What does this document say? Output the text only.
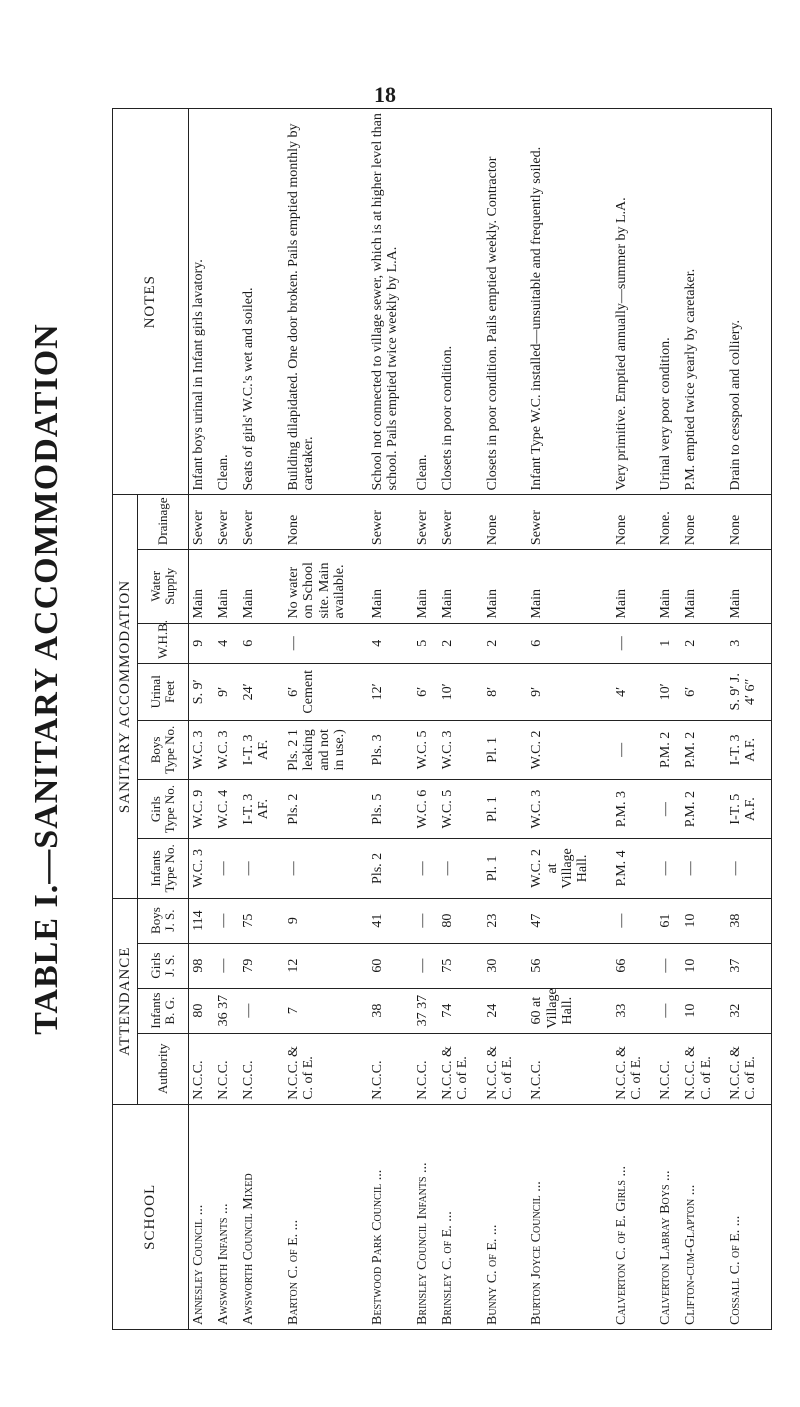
18
TABLE I.—SANITARY ACCOMMODATION
SCHOOL	ATTENDANCE				SANITARY ACCOMMODATION							NOTES
	Authority	Infants B. G.	Girls J. S.	Boys J. S.	Infants Type No.	Girls Type No.	Boys Type No.	Urinal Feet	W.H.B.	Water Supply	Drainage	
Annesley Council ...	N.C.C.	80	98	114	W.C. 3	W.C. 9	W.C. 3	S. 9′	9	Main	Sewer	Infant boys urinal in Infant girls lavatory.
Awsworth Infants ...	N.C.C.	36 37	—	—	—	W.C. 4	W.C. 3	9′	4	Main	Sewer	Clean.
Awsworth Council Mixed	N.C.C.	—	79	75	—	I-T. 3 AF.	I-T. 3 AF.	24′	6	Main	Sewer	Seats of girls' W.C.'s wet and soiled.
Barton C. of E. ...	N.C.C. & C. of E.	7	12	9	—	Pls. 2	Pls. 2 1 leaking and not in use.)	6′ Cement	—	No water on School site. Main available.	None	Building dilapidated. One door broken. Pails emptied monthly by caretaker.
Bestwood Park Council ...	N.C.C.	38	60	41	Pls. 2	Pls. 5	Pls. 3	12′	4	Main	Sewer	School not connected to village sewer, which is at higher level than school. Pails emptied twice weekly by L.A.
Brinsley Council Infants ...	N.C.C.	37 37	—	—	—	W.C. 6	W.C. 5	6′	5	Main	Sewer	Clean.
Brinsley C. of E. ...	N.C.C. & C. of E.	74	75	80	—	W.C. 5	W.C. 3	10′	2	Main	Sewer	Closets in poor condition.
Bunny C. of E. ...	N.C.C. & C. of E.	24	30	23	Pl. 1	Pl. 1	Pl. 1	8′	2	Main	None	Closets in poor condition. Pails emptied weekly. Contractor
Burton Joyce Council ...	N.C.C.	60 at Village Hall.	56	47	W.C. 2 at Village Hall.	W.C. 3	W.C. 2	9′	6	Main	Sewer	Infant Type W.C. installed—unsuitable and frequently soiled.
Calverton C. of E. Girls ...	N.C.C. & C. of E.	33	66	—	P.M. 4	P.M. 3	—	4′	—	Main	None	Very primitive. Emptied annually—summer by L.A.
Calverton Labray Boys ...	N.C.C.	—	—	61	—	—	P.M. 2	10′	1	Main	None.	Urinal very poor condition.
Clifton-cum-Glapton ...	N.C.C. & C. of E.	10	10	10	—	P.M. 2	P.M. 2	6′	2	Main	None	P.M. emptied twice yearly by caretaker.
Cossall C. of E. ...	N.C.C. & C. of E.	32	37	38	—	I-T. 5 A.F.	I-T. 3 A.F.	S. 9′ J. 4′ 6″	3	Main	None	Drain to cesspool and colliery.
